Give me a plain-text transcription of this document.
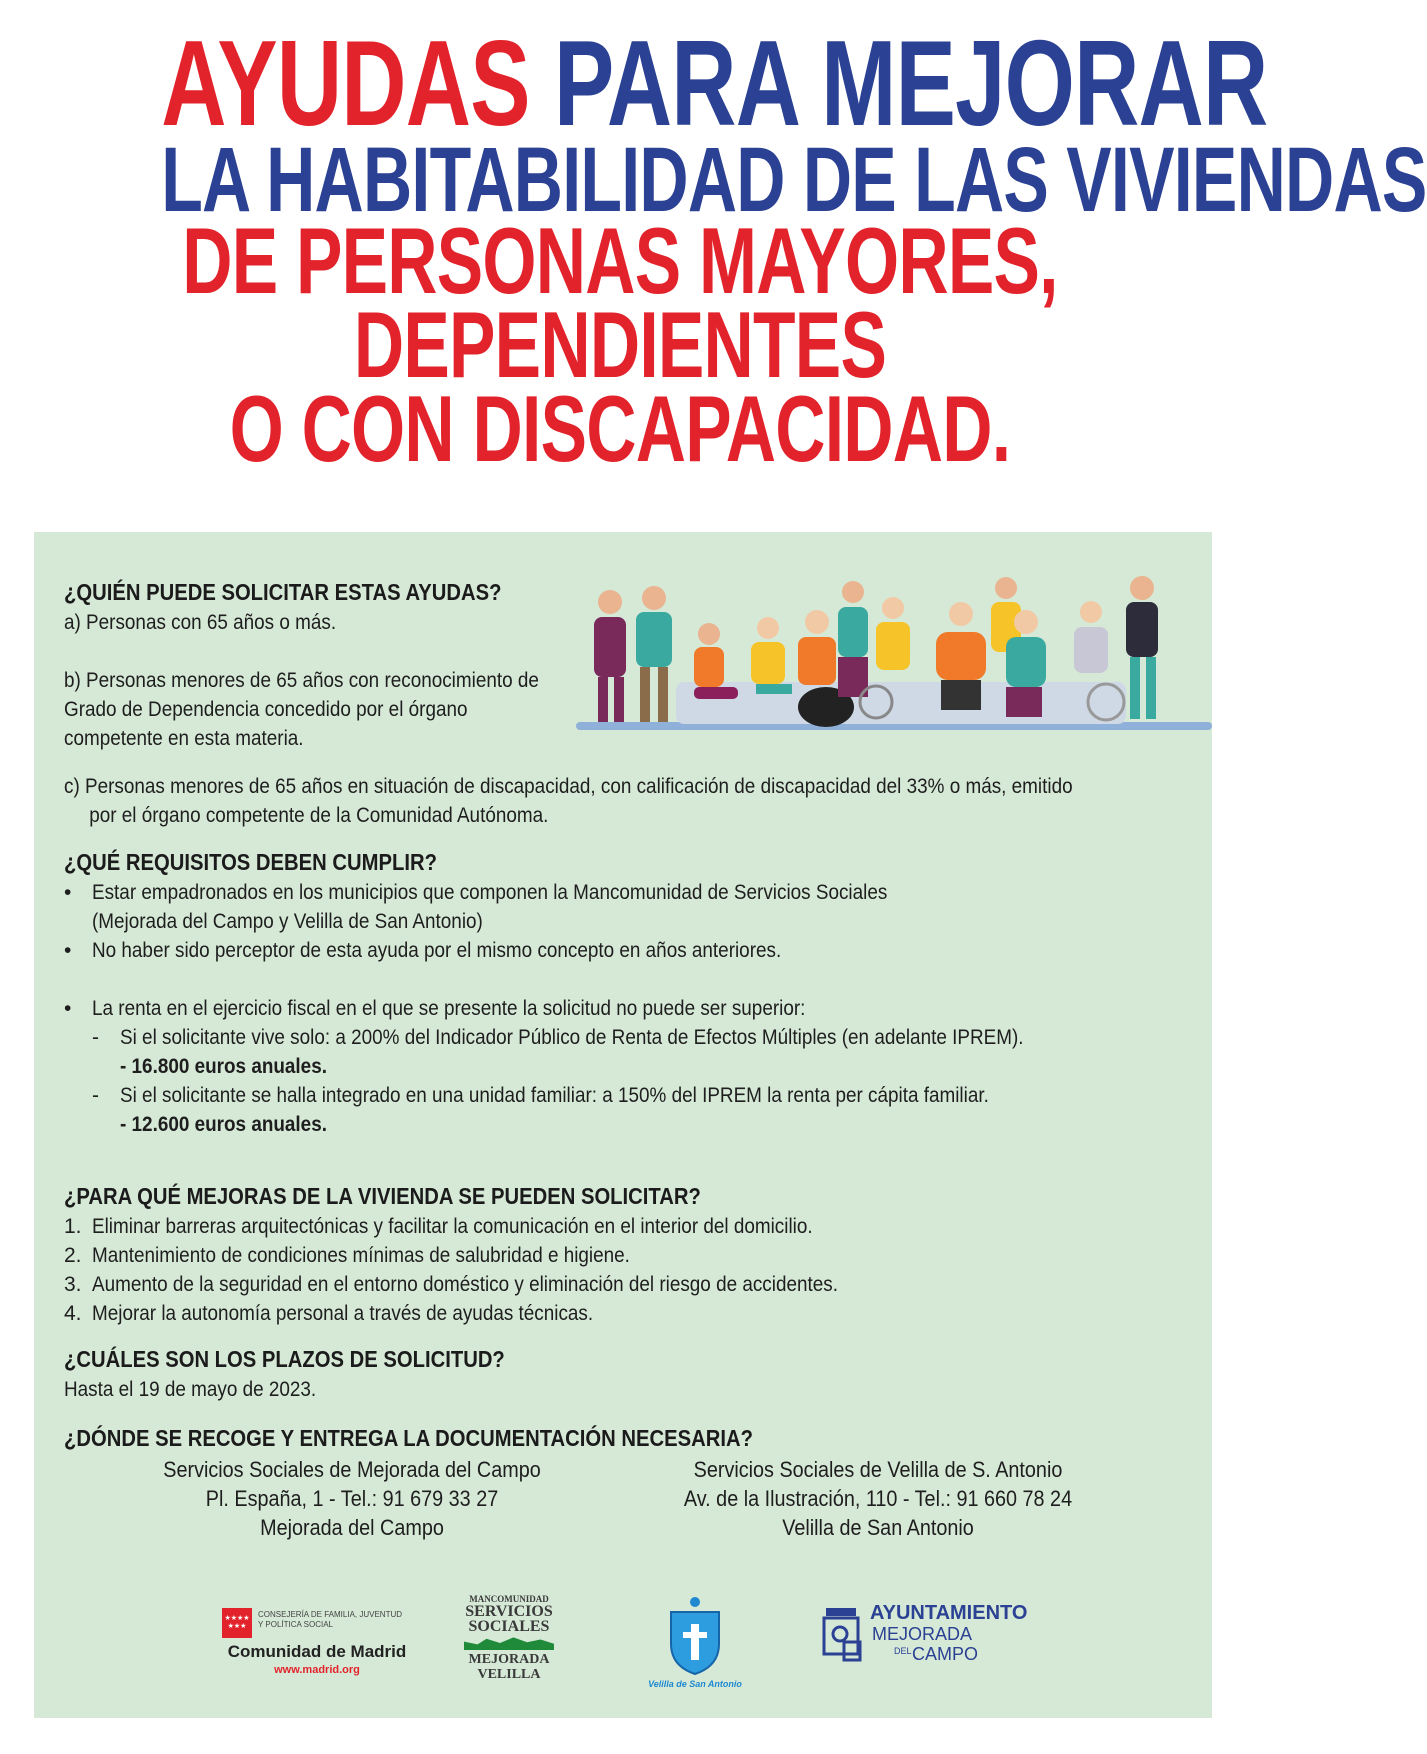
AYUDAS PARA MEJORAR
LA HABITABILIDAD DE LAS VIVIENDAS
DE PERSONAS MAYORES,
DEPENDIENTES
O CON DISCAPACIDAD.
¿QUIÉN PUEDE SOLICITAR ESTAS AYUDAS?
a) Personas con 65 años o más.
b) Personas menores de 65 años con reconocimiento de
Grado de Dependencia concedido por el órgano
competente en esta materia.
c) Personas menores de 65 años en situación de discapacidad, con calificación de discapacidad del 33% o más, emitido
por el órgano competente de la Comunidad Autónoma.
¿QUÉ REQUISITOS DEBEN CUMPLIR?
• Estar empadronados en los municipios que componen la Mancomunidad de Servicios Sociales
(Mejorada del Campo y Velilla de San Antonio)
• No haber sido perceptor de esta ayuda por el mismo concepto en años anteriores.
• La renta en el ejercicio fiscal en el que se presente la solicitud no puede ser superior:
- Si el solicitante vive solo: a 200% del Indicador Público de Renta de Efectos Múltiples (en adelante IPREM).
- 16.800 euros anuales.
- Si el solicitante se halla integrado en una unidad familiar: a 150% del IPREM la renta per cápita familiar.
- 12.600 euros anuales.
¿PARA QUÉ MEJORAS DE LA VIVIENDA SE PUEDEN SOLICITAR?
1. Eliminar barreras arquitectónicas y facilitar la comunicación en el interior del domicilio.
2. Mantenimiento de condiciones mínimas de salubridad e higiene.
3. Aumento de la seguridad en el entorno doméstico y eliminación del riesgo de accidentes.
4. Mejorar la autonomía personal a través de ayudas técnicas.
¿CUÁLES SON LOS PLAZOS DE SOLICITUD?
Hasta el 19 de mayo de 2023.
¿DÓNDE SE RECOGE Y ENTREGA LA DOCUMENTACIÓN NECESARIA?
Servicios Sociales de Mejorada del Campo
Pl. España, 1 - Tel.: 91 679 33 27
Mejorada del Campo
Servicios Sociales de Velilla de S. Antonio
Av. de la Ilustración, 110 - Tel.: 91 660 78 24
Velilla de San Antonio
★★★★
★★★
CONSEJERÍA DE FAMILIA, JUVENTUD Y POLÍTICA SOCIAL
Comunidad de Madrid
www.madrid.org
MANCOMUNIDAD
SERVICIOS
SOCIALES
MEJORADA
VELILLA
Velilla de San Antonio
AYUNTAMIENTO
MEJORADA
DEL CAMPO
